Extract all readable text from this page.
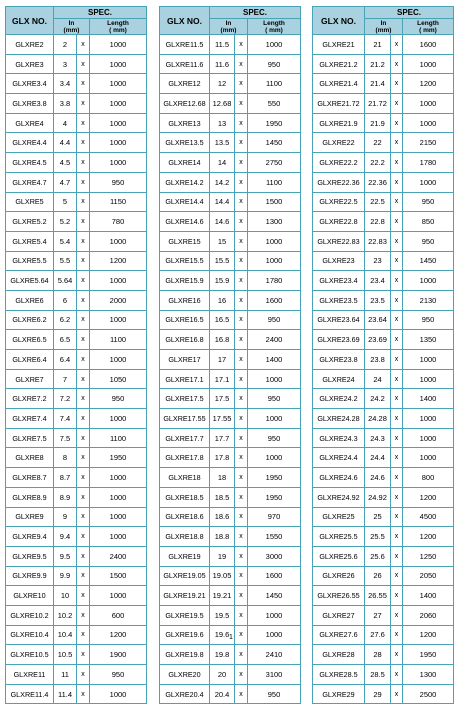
GLX NO.	SPEC.		
	In
(mm)		Length
( mm)
GLXRE2	2	x	1000
GLXRE3	3	x	1000
GLXRE3.4	3.4	x	1000
GLXRE3.8	3.8	x	1000
GLXRE4	4	x	1000
GLXRE4.4	4.4	x	1000
GLXRE4.5	4.5	x	1000
GLXRE4.7	4.7	x	950
GLXRE5	5	x	1150
GLXRE5.2	5.2	x	780
GLXRE5.4	5.4	x	1000
GLXRE5.5	5.5	x	1200
GLXRE5.64	5.64	x	1000
GLXRE6	6	x	2000
GLXRE6.2	6.2	x	1000
GLXRE6.5	6.5	x	1100
GLXRE6.4	6.4	x	1000
GLXRE7	7	x	1050
GLXRE7.2	7.2	x	950
GLXRE7.4	7.4	x	1000
GLXRE7.5	7.5	x	1100
GLXRE8	8	x	1950
GLXRE8.7	8.7	x	1000
GLXRE8.9	8.9	x	1000
GLXRE9	9	x	1000
GLXRE9.4	9.4	x	1000
GLXRE9.5	9.5	x	2400
GLXRE9.9	9.9	x	1500
GLXRE10	10	x	1000
GLXRE10.2	10.2	x	600
GLXRE10.4	10.4	x	1200
GLXRE10.5	10.5	x	1900
GLXRE11	11	x	950
GLXRE11.4	11.4	x	1000
GLX NO.	SPEC.		
	In
(mm)		Length
( mm)
GLXRE11.5	11.5	x	1000
GLXRE11.6	11.6	x	950
GLXRE12	12	x	1100
GLXRE12.68	12.68	x	550
GLXRE13	13	x	1950
GLXRE13.5	13.5	x	1450
GLXRE14	14	x	2750
GLXRE14.2	14.2	x	1100
GLXRE14.4	14.4	x	1500
GLXRE14.6	14.6	x	1300
GLXRE15	15	x	1000
GLXRE15.5	15.5	x	1000
GLXRE15.9	15.9	x	1780
GLXRE16	16	x	1600
GLXRE16.5	16.5	x	950
GLXRE16.8	16.8	x	2400
GLXRE17	17	x	1400
GLXRE17.1	17.1	x	1000
GLXRE17.5	17.5	x	950
GLXRE17.55	17.55	x	1000
GLXRE17.7	17.7	x	950
GLXRE17.8	17.8	x	1000
GLXRE18	18	x	1950
GLXRE18.5	18.5	x	1950
GLXRE18.6	18.6	x	970
GLXRE18.8	18.8	x	1550
GLXRE19	19	x	3000
GLXRE19.05	19.05	x	1600
GLXRE19.21	19.21	x	1450
GLXRE19.5	19.5	x	1000
GLXRE19.6	19.6	x	1000
GLXRE19.8	19.8	x	2410
GLXRE20	20	x	3100
GLXRE20.4	20.4	x	950
GLX NO.	SPEC.		
	In
(mm)		Length
( mm)
GLXRE21	21	x	1600
GLXRE21.2	21.2	x	1000
GLXRE21.4	21.4	x	1200
GLXRE21.72	21.72	x	1000
GLXRE21.9	21.9	x	1000
GLXRE22	22	x	2150
GLXRE22.2	22.2	x	1780
GLXRE22.36	22.36	x	1000
GLXRE22.5	22.5	x	950
GLXRE22.8	22.8	x	850
GLXRE22.83	22.83	x	950
GLXRE23	23	x	1450
GLXRE23.4	23.4	x	1000
GLXRE23.5	23.5	x	2130
GLXRE23.64	23.64	x	950
GLXRE23.69	23.69	x	1350
GLXRE23.8	23.8	x	1000
GLXRE24	24	x	1000
GLXRE24.2	24.2	x	1400
GLXRE24.28	24.28	x	1000
GLXRE24.3	24.3	x	1000
GLXRE24.4	24.4	x	1000
GLXRE24.6	24.6	x	800
GLXRE24.92	24.92	x	1200
GLXRE25	25	x	4500
GLXRE25.5	25.5	x	1200
GLXRE25.6	25.6	x	1250
GLXRE26	26	x	2050
GLXRE26.55	26.55	x	1400
GLXRE27	27	x	2060
GLXRE27.6	27.6	x	1200
GLXRE28	28	x	1950
GLXRE28.5	28.5	x	1300
GLXRE29	29	x	2500
1
